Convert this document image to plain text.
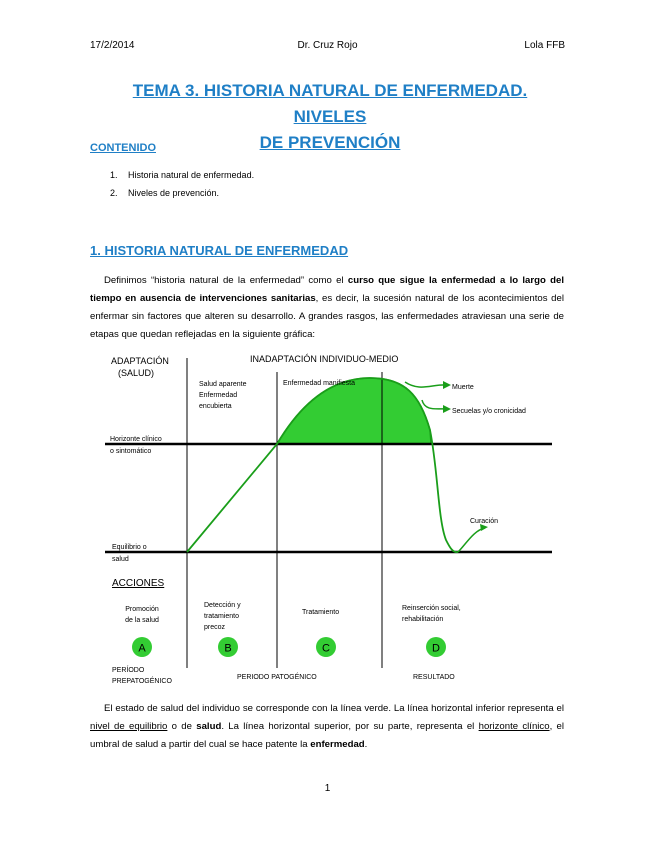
17/2/2014	Dr. Cruz Rojo	Lola FFB
TEMA 3. HISTORIA NATURAL DE ENFERMEDAD. NIVELES
DE PREVENCIÓN
CONTENIDO
1. Historia natural de enfermedad.
2. Niveles de prevención.
1. HISTORIA NATURAL DE ENFERMEDAD
Definimos “historia natural de la enfermedad” como el curso que sigue la enfermedad a lo largo del tiempo en ausencia de intervenciones sanitarias, es decir, la sucesión natural de los acontecimientos del enfermar sin factores que alteren su desarrollo. A grandes rasgos, las enfermedades atraviesan una serie de etapas que quedan reflejadas en la siguiente gráfica:
ADAPTACIÓN
(SALUD)
INADAPTACIÓN INDIVIDUO-MEDIO
Salud aparente
Enfermedad
encubierta
Enfermedad manifiesta
Muerte
Secuelas y/o cronicidad
Horizonte clínico
o sintomático
Equilibrio o
salud
Curación
ACCIONES
Promoción
de la salud
Detección y
tratamiento
precoz
Tratamiento
Reinserción social,
rehabilitación
A	B	C	D
PERÍODO
PREPATOGÉNICO
PERIODO PATOGÉNICO	RESULTADO
El estado de salud del individuo se corresponde con la línea verde. La línea horizontal inferior representa el nivel de equilibrio o de salud. La línea horizontal superior, por su parte, representa el horizonte clínico, el umbral de salud a partir del cual se hace patente la enfermedad.
1
